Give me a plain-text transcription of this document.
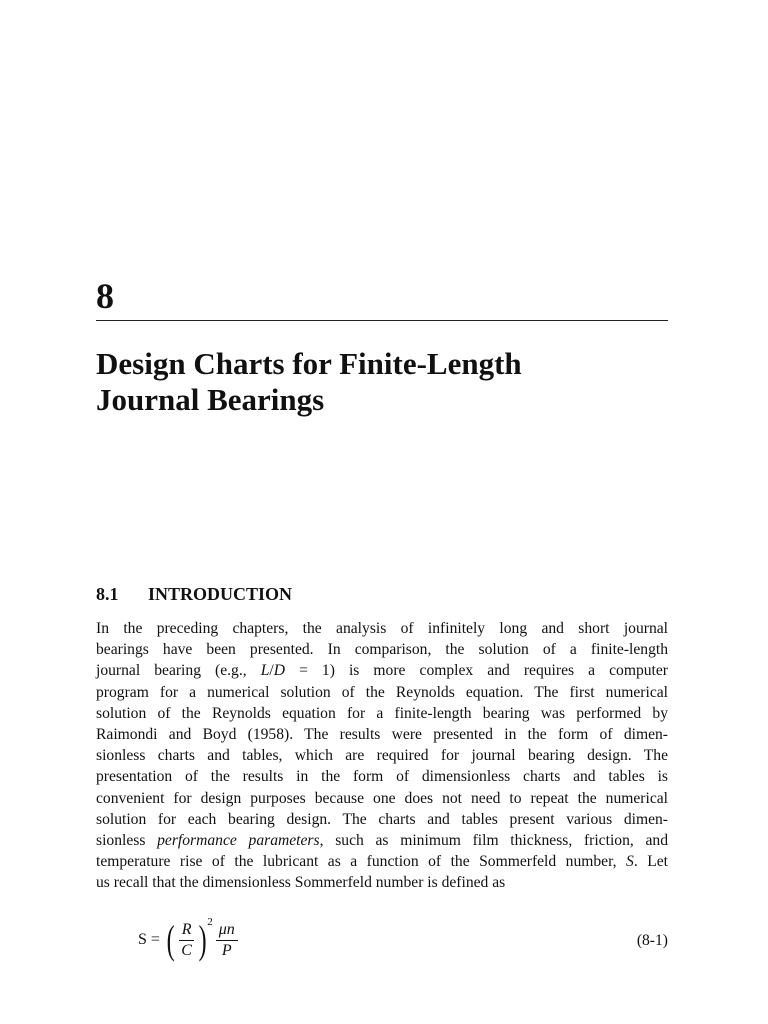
8
Design Charts for Finite-Length
Journal Bearings
8.1 INTRODUCTION
In the preceding chapters, the analysis of infinitely long and short journal
bearings have been presented. In comparison, the solution of a finite-length
journal bearing (e.g., L/D = 1) is more complex and requires a computer
program for a numerical solution of the Reynolds equation. The first numerical
solution of the Reynolds equation for a finite-length bearing was performed by
Raimondi and Boyd (1958). The results were presented in the form of dimen-
sionless charts and tables, which are required for journal bearing design. The
presentation of the results in the form of dimensionless charts and tables is
convenient for design purposes because one does not need to repeat the numerical
solution for each bearing design. The charts and tables present various dimen-
sionless performance parameters, such as minimum film thickness, friction, and
temperature rise of the lubricant as a function of the Sommerfeld number, S. Let
us recall that the dimensionless Sommerfeld number is defined as
S = ( $\frac{R}{C}$ ) $2 \frac{\mu n}{P}$	(8-1)
